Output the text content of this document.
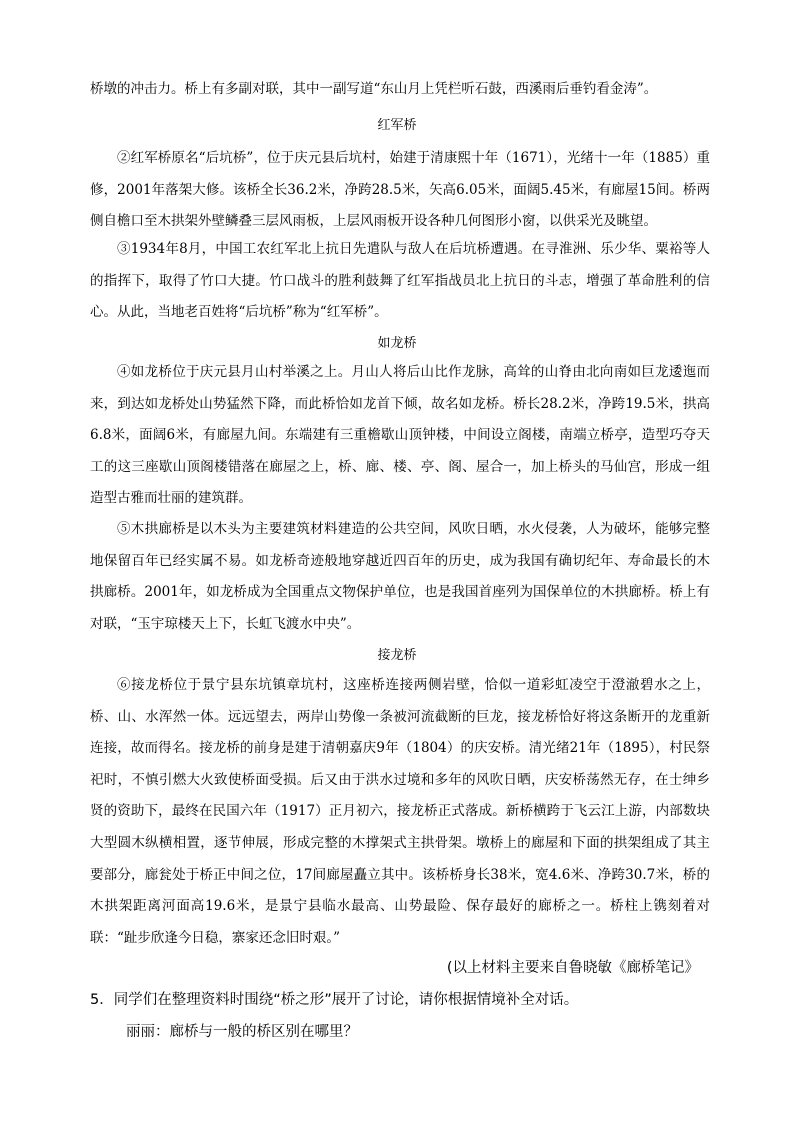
桥墩的冲击力。桥上有多副对联，其中一副写道“东山月上凭栏听石鼓，西溪雨后垂钓看金涛”。

红军桥

②红军桥原名“后坑桥”，位于庆元县后坑村，始建于清康熙十年（1671），光绪十一年（1885）重修，2001年落架大修。该桥全长36.2米，净跨28.5米，矢高6.05米，面阔5.45米，有廊屋15间。桥两侧自檐口至木拱架外壁鳞叠三层风雨板，上层风雨板开设各种几何图形小窗，以供采光及眺望。

③1934年8月，中国工农红军北上抗日先遣队与敌人在后坑桥遭遇。在寻淮洲、乐少华、粟裕等人的指挥下，取得了竹口大捷。竹口战斗的胜利鼓舞了红军指战员北上抗日的斗志，增强了革命胜利的信心。从此，当地老百姓将“后坑桥”称为“红军桥”。

如龙桥

④如龙桥位于庆元县月山村举溪之上。月山人将后山比作龙脉，高耸的山脊由北向南如巨龙逶迤而来，到达如龙桥处山势猛然下降，而此桥恰如龙首下倾，故名如龙桥。桥长28.2米，净跨19.5米，拱高6.8米，面阔6米，有廊屋九间。东端建有三重檐歇山顶钟楼，中间设立阁楼，南端立桥亭，造型巧夺天工的这三座歇山顶阁楼错落在廊屋之上，桥、廊、楼、亭、阁、屋合一，加上桥头的马仙宫，形成一组造型古雅而壮丽的建筑群。

⑤木拱廊桥是以木头为主要建筑材料建造的公共空间，风吹日晒，水火侵袭，人为破坏，能够完整地保留百年已经实属不易。如龙桥奇迹般地穿越近四百年的历史，成为我国有确切纪年、寿命最长的木拱廊桥。2001年，如龙桥成为全国重点文物保护单位，也是我国首座列为国保单位的木拱廊桥。桥上有对联，“玉宇琼楼天上下，长虹飞渡水中央”。

接龙桥

⑥接龙桥位于景宁县东坑镇章坑村，这座桥连接两侧岩壁，恰似一道彩虹凌空于澄澈碧水之上，桥、山、水浑然一体。远远望去，两岸山势像一条被河流截断的巨龙，接龙桥恰好将这条断开的龙重新连接，故而得名。接龙桥的前身是建于清朝嘉庆9年（1804）的庆安桥。清光绪21年（1895），村民祭祀时，不慎引燃大火致使桥面受损。后又由于洪水过境和多年的风吹日晒，庆安桥荡然无存，在士绅乡贤的资助下，最终在民国六年（1917）正月初六，接龙桥正式落成。新桥横跨于飞云江上游，内部数块大型圆木纵横相置，逐节伸展，形成完整的木撑架式主拱骨架。墩桥上的廊屋和下面的拱架组成了其主要部分，廊瓮处于桥正中间之位，17间廊屋矗立其中。该桥桥身长38米，宽4.6米、净跨30.7米，桥的木拱架距离河面高19.6米，是景宁县临水最高、山势最险、保存最好的廊桥之一。桥柱上镌刻着对联：“趾步欣逢今日稳，寨家还念旧时艰。”

(以上材料主要来自鲁晓敏《廊桥笔记》

5．同学们在整理资料时围绕“桥之形”展开了讨论，请你根据情境补全对话。

丽丽：廊桥与一般的桥区别在哪里？
